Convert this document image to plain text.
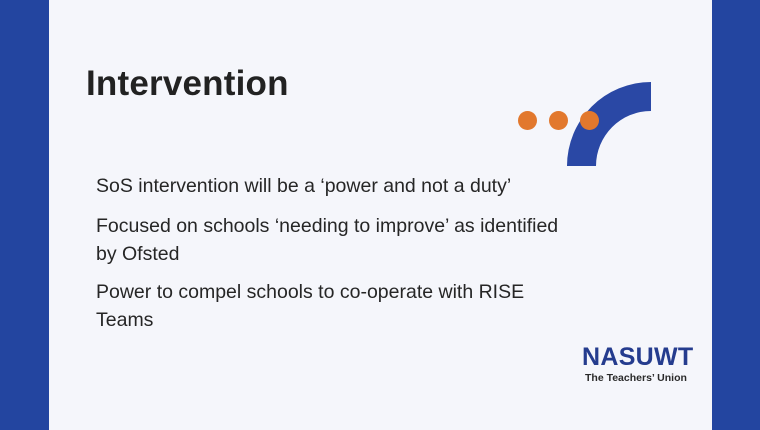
Intervention
SoS intervention will be a ‘power and not a duty’
Focused on schools ‘needing to improve’ as identified by Ofsted
Power to compel schools to co-operate with RISE Teams
NASUWT
The Teachers’ Union
